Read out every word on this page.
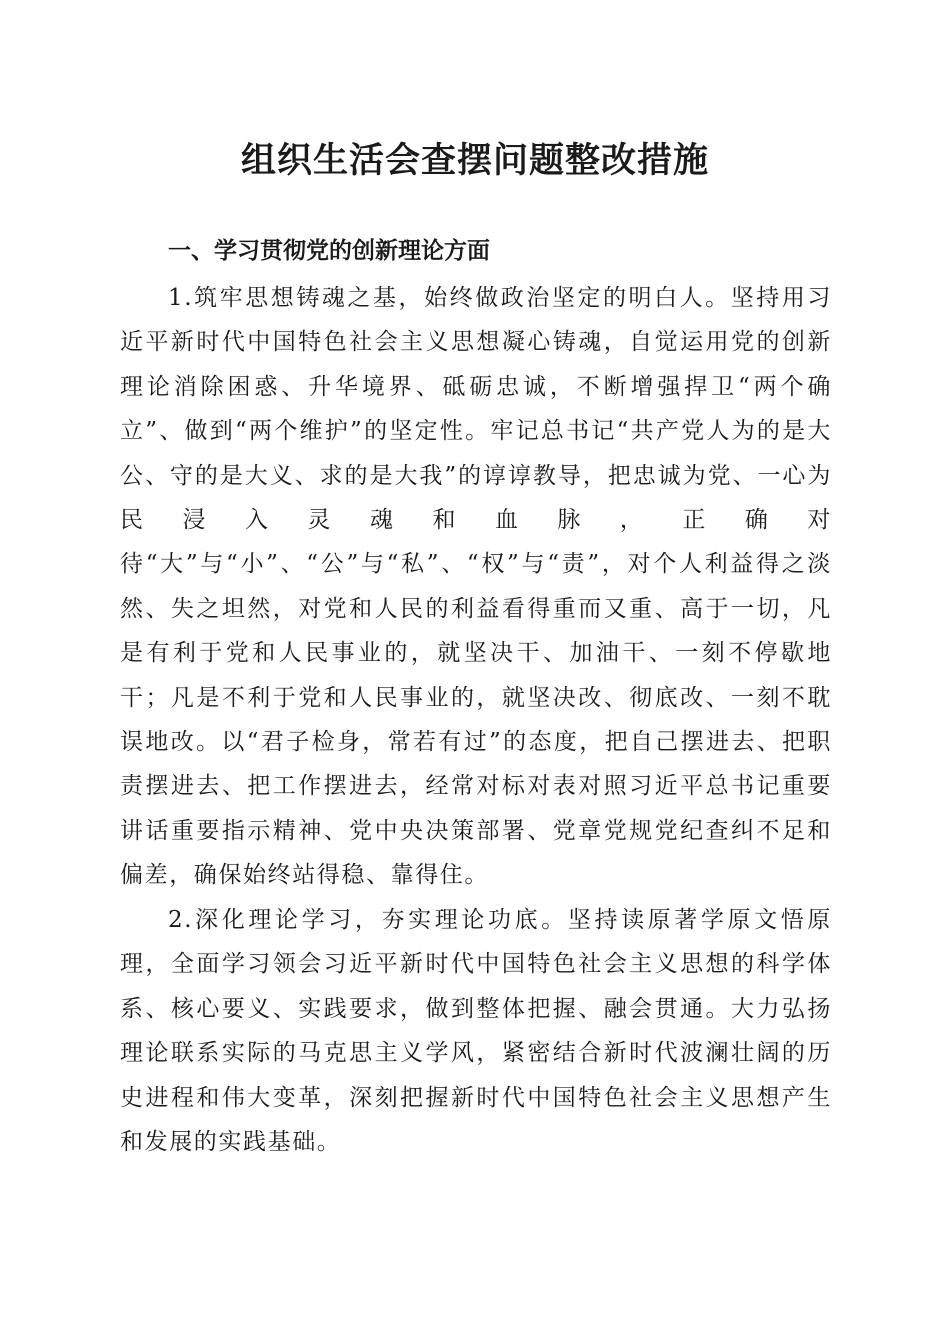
组织生活会查摆问题整改措施
一、学习贯彻党的创新理论方面

1.筑牢思想铸魂之基，始终做政治坚定的明白人。坚持用习近平新时代中国特色社会主义思想凝心铸魂，自觉运用党的创新理论消除困惑、升华境界、砥砺忠诚，不断增强捍卫“两个确立”、做到“两个维护”的坚定性。牢记总书记“共产党人为的是大公、守的是大义、求的是大我”的谆谆教导，把忠诚为党、一心为民浸入灵魂和血脉，正确对待“大”与“小”、“公”与“私”、“权”与“责”，对个人利益得之淡然、失之坦然，对党和人民的利益看得重而又重、高于一切，凡是有利于党和人民事业的，就坚决干、加油干、一刻不停歇地干；凡是不利于党和人民事业的，就坚决改、彻底改、一刻不耽误地改。以“君子检身，常若有过”的态度，把自己摆进去、把职责摆进去、把工作摆进去，经常对标对表对照习近平总书记重要讲话重要指示精神、党中央决策部署、党章党规党纪查纠不足和偏差，确保始终站得稳、靠得住。

2.深化理论学习，夯实理论功底。坚持读原著学原文悟原理，全面学习领会习近平新时代中国特色社会主义思想的科学体系、核心要义、实践要求，做到整体把握、融会贯通。大力弘扬理论联系实际的马克思主义学风，紧密结合新时代波澜壮阔的历史进程和伟大变革，深刻把握新时代中国特色社会主义思想产生和发展的实践基础。
